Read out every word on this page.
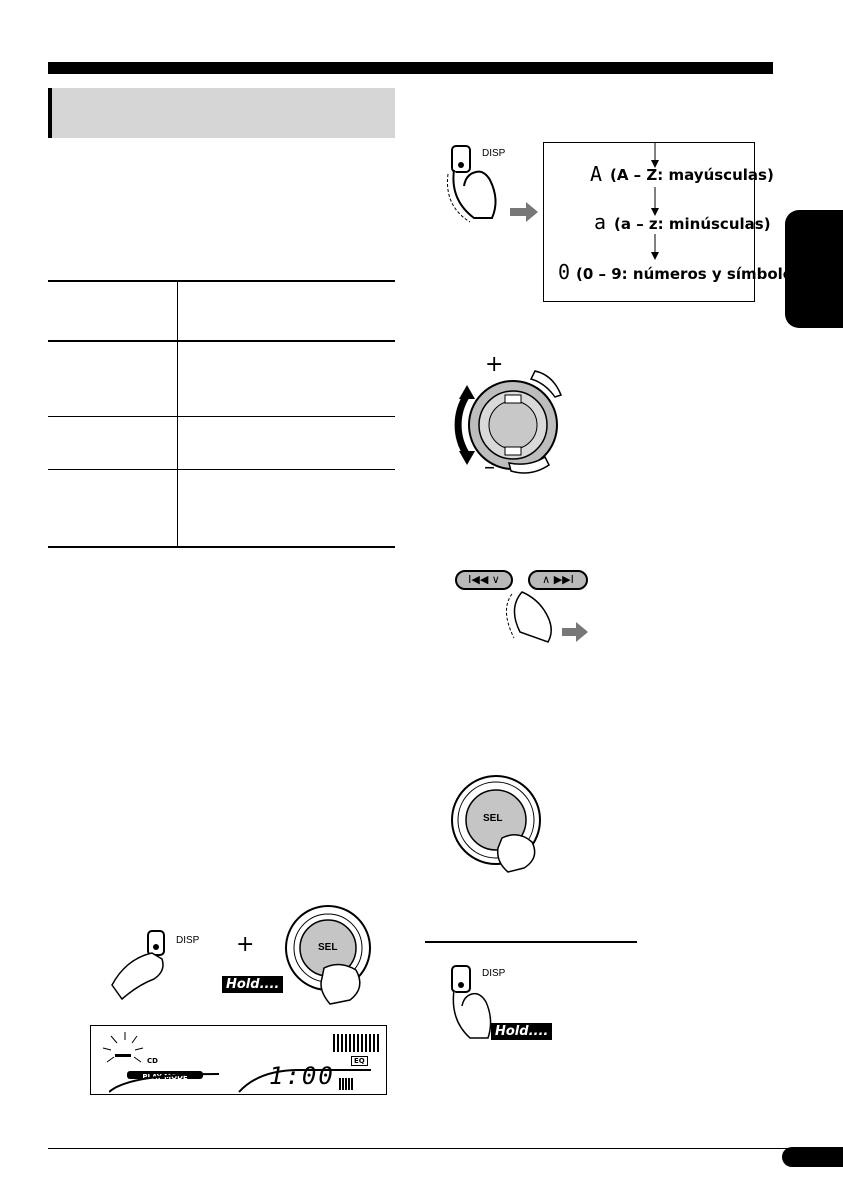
DISP
A (A – Z: mayúsculas)
a (a – z: minúsculas)
0 (0 – 9: números y símbolos)
+
–
I◀◀ ∨	∧ ▶▶I
SEL
DISP +
Hold....
SEL
CD
PLAY MODE	1:00
EQ
DISP
Hold....
